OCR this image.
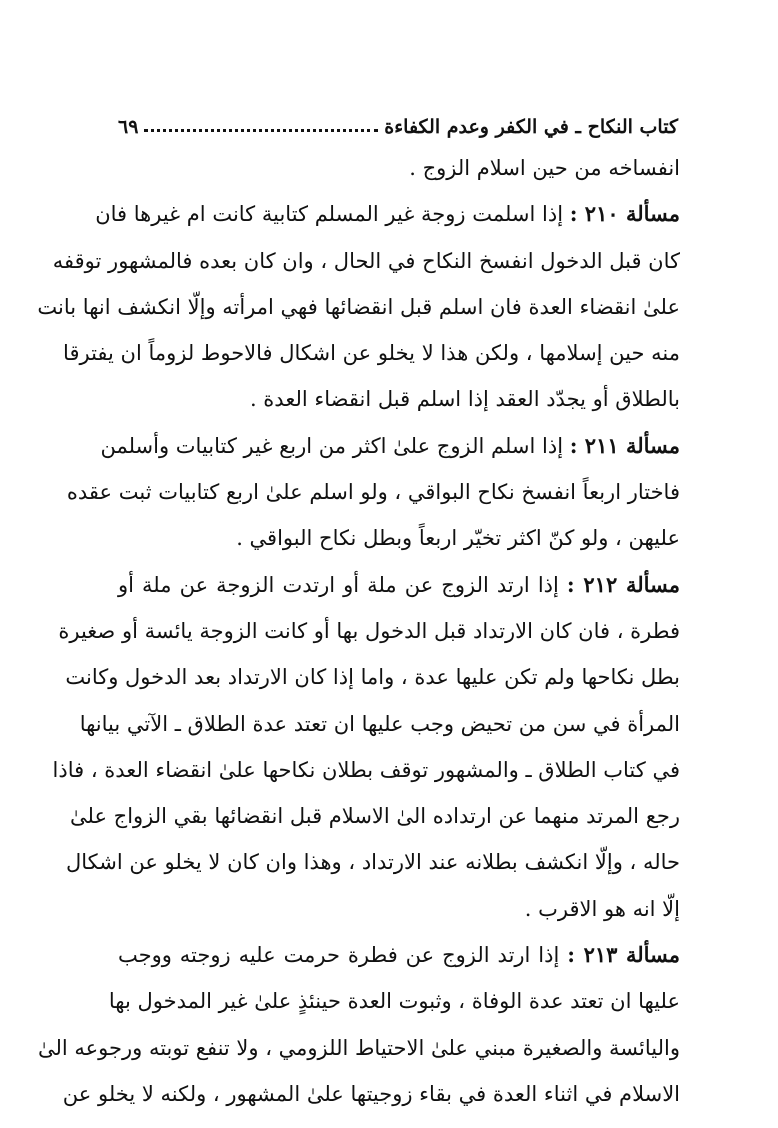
كتاب النكاح ـ في الكفر وعدم الكفاءة
٦٩
انفساخه من حين اسلام الزوج .
مسألة ٢١٠ : إذا اسلمت زوجة غير المسلم كتابية كانت ام غيرها فان
كان قبل الدخول انفسخ النكاح في الحال ، وان كان بعده فالمشهور توقفه
علىٰ انقضاء العدة فان اسلم قبل انقضائها فهي امرأته وإلّا انكشف انها بانت
منه حين إسلامها ، ولكن هذا لا يخلو عن اشكال فالاحوط لزوماً ان يفترقا
بالطلاق أو يجدّد العقد إذا اسلم قبل انقضاء العدة .
مسألة ٢١١ : إذا اسلم الزوج علىٰ اكثر من اربع غير كتابيات وأسلمن
فاختار اربعاً انفسخ نكاح البواقي ، ولو اسلم علىٰ اربع كتابيات ثبت عقده
عليهن ، ولو كنّ اكثر تخيّر اربعاً وبطل نكاح البواقي .
مسألة ٢١٢ : إذا ارتد الزوج عن ملة أو ارتدت الزوجة عن ملة أو
فطرة ، فان كان الارتداد قبل الدخول بها أو كانت الزوجة يائسة أو صغيرة
بطل نكاحها ولم تكن عليها عدة ، واما إذا كان الارتداد بعد الدخول وكانت
المرأة في سن من تحيض وجب عليها ان تعتد عدة الطلاق ـ الآتي بيانها
في كتاب الطلاق ـ والمشهور توقف بطلان نكاحها علىٰ انقضاء العدة ، فاذا
رجع المرتد منهما عن ارتداده الىٰ الاسلام قبل انقضائها بقي الزواج علىٰ
حاله ، وإلّا انكشف بطلانه عند الارتداد ، وهذا وان كان لا يخلو عن اشكال
إلّا انه هو الاقرب .
مسألة ٢١٣ : إذا ارتد الزوج عن فطرة حرمت عليه زوجته ووجب
عليها ان تعتد عدة الوفاة ، وثبوت العدة حينئذٍ علىٰ غير المدخول بها
واليائسة والصغيرة مبني علىٰ الاحتياط اللزومي ، ولا تنفع توبته ورجوعه الىٰ
الاسلام في اثناء العدة في بقاء زوجيتها علىٰ المشهور ، ولكنه لا يخلو عن
